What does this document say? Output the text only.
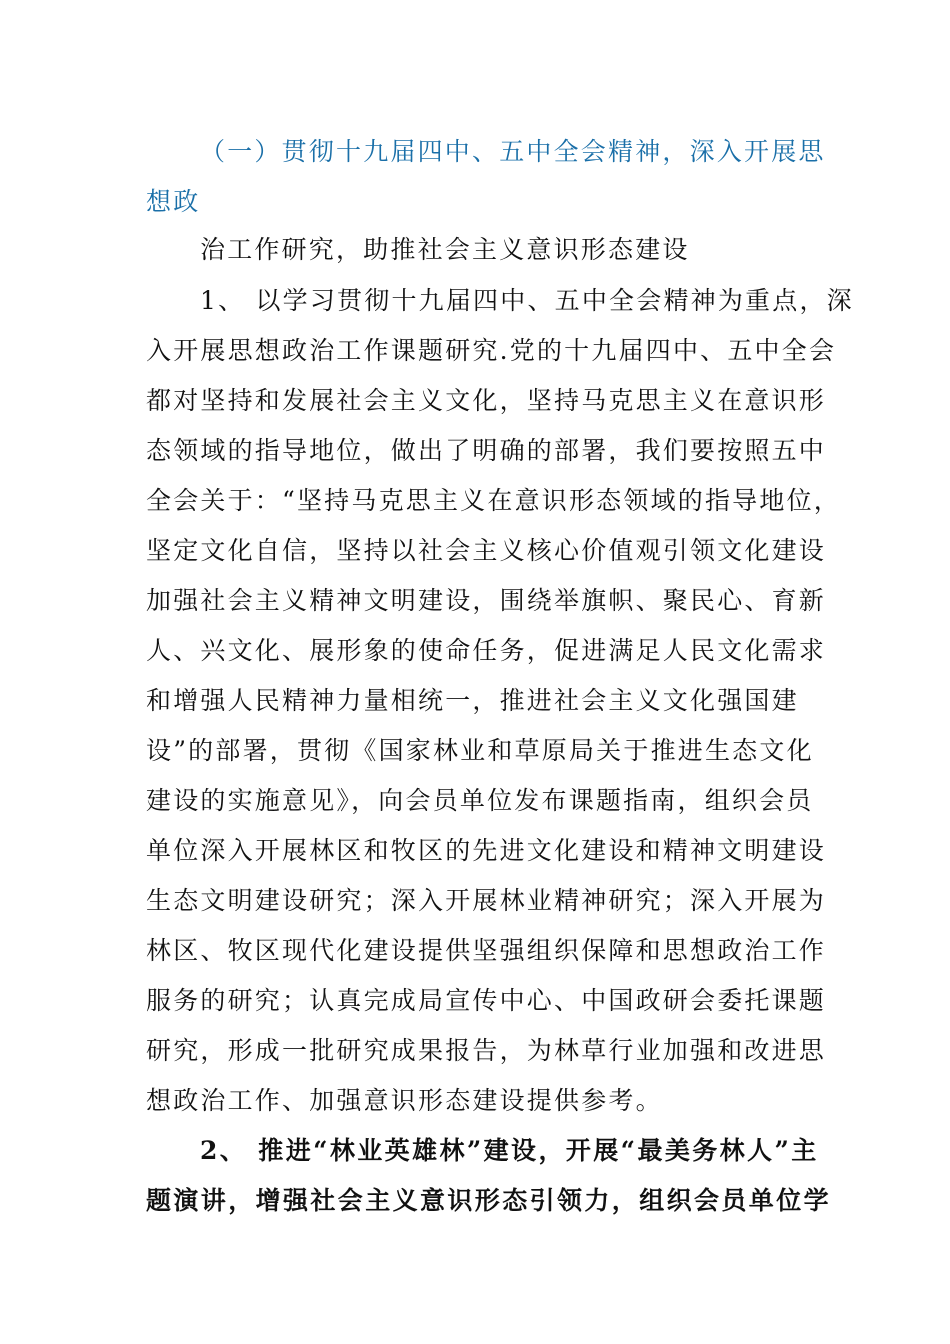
（一）贯彻十九届四中、五中全会精神，深入开展思
想政
治工作研究，助推社会主义意识形态建设
1、 以学习贯彻十九届四中、五中全会精神为重点，深
入开展思想政治工作课题研究.党的十九届四中、五中全会
都对坚持和发展社会主义文化，坚持马克思主义在意识形
态领域的指导地位，做出了明确的部署，我们要按照五中
全会关于：“坚持马克思主义在意识形态领域的指导地位，
坚定文化自信，坚持以社会主义核心价值观引领文化建设
加强社会主义精神文明建设，围绕举旗帜、聚民心、育新
人、兴文化、展形象的使命任务，促进满足人民文化需求
和增强人民精神力量相统一，推进社会主义文化强国建
设”的部署，贯彻《国家林业和草原局关于推进生态文化
建设的实施意见》，向会员单位发布课题指南，组织会员
单位深入开展林区和牧区的先进文化建设和精神文明建设
生态文明建设研究；深入开展林业精神研究；深入开展为
林区、牧区现代化建设提供坚强组织保障和思想政治工作
服务的研究；认真完成局宣传中心、中国政研会委托课题
研究，形成一批研究成果报告，为林草行业加强和改进思
想政治工作、加强意识形态建设提供参考。
2、 推进“林业英雄林”建设，开展“最美务林人”主
题演讲，增强社会主义意识形态引领力，组织会员单位学
